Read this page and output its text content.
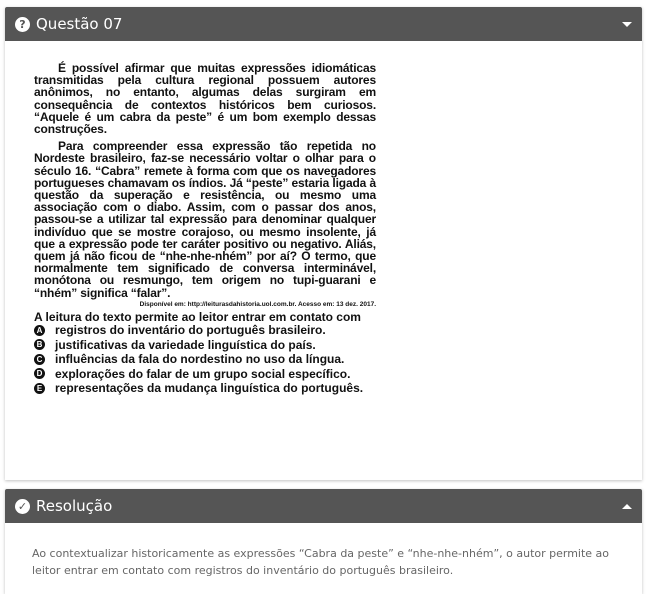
? Questão 07

É possível afirmar que muitas expressões idiomáticas transmitidas pela cultura regional possuem autores anônimos, no entanto, algumas delas surgiram em consequência de contextos históricos bem curiosos. “Aquele é um cabra da peste” é um bom exemplo dessas construções.

Para compreender essa expressão tão repetida no Nordeste brasileiro, faz-se necessário voltar o olhar para o século 16. “Cabra” remete à forma com que os navegadores portugueses chamavam os índios. Já “peste” estaria ligada à questão da superação e resistência, ou mesmo uma associação com o diabo. Assim, com o passar dos anos, passou-se a utilizar tal expressão para denominar qualquer indivíduo que se mostre corajoso, ou mesmo insolente, já que a expressão pode ter caráter positivo ou negativo. Aliás, quem já não ficou de “nhe-nhe-nhém” por aí? O termo, que normalmente tem significado de conversa interminável, monótona ou resmungo, tem origem no tupi-guarani e “nhém” significa “falar”.

Disponível em: http://leiturasdahistoria.uol.com.br. Acesso em: 13 dez. 2017.
A leitura do texto permite ao leitor entrar em contato com
A registros do inventário do português brasileiro.
B justificativas da variedade linguística do país.
C influências da fala do nordestino no uso da língua.
D explorações do falar de um grupo social específico.
E representações da mudança linguística do português.
✓ Resolução
Ao contextualizar historicamente as expressões “Cabra da peste” e “nhe-nhe-nhém”, o autor permite ao leitor entrar em contato com registros do inventário do português brasileiro.
